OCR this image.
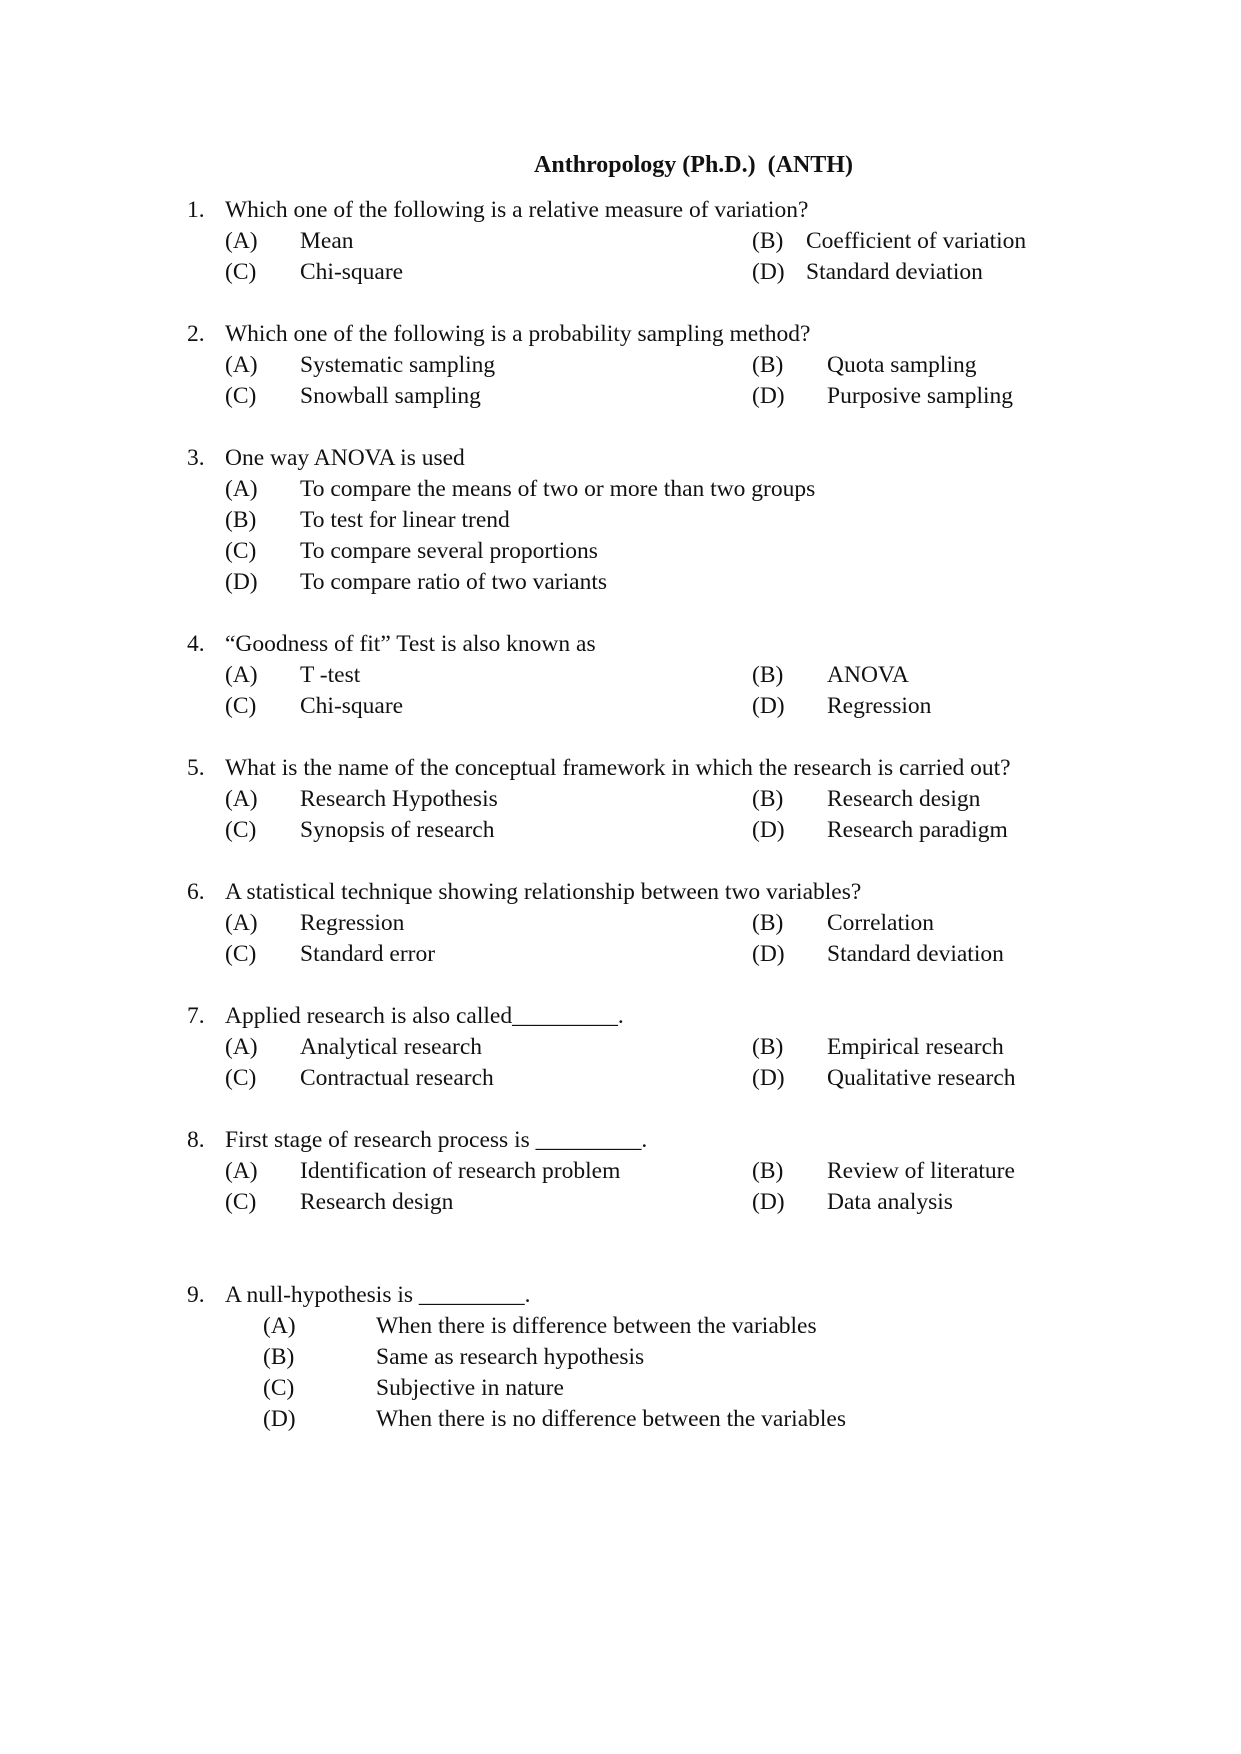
Anthropology (Ph.D.)  (ANTH)
1. Which one of the following is a relative measure of variation?
(A)	Mean	(B) Coefficient of variation
(C)	Chi-square	(D) Standard deviation
2. Which one of the following is a probability sampling method?
(A)	Systematic sampling	(B)	Quota sampling
(C)	Snowball sampling	(D)	Purposive sampling
3. One way ANOVA is used
(A)	To compare the means of two or more than two groups
(B)	To test for linear trend
(C)	To compare several proportions
(D)	To compare ratio of two variants
4. “Goodness of fit” Test is also known as
(A)	T -test	(B)	ANOVA
(C)	Chi-square	(D)	Regression
5. What is the name of the conceptual framework in which the research is carried out?
(A)	Research Hypothesis	(B)	Research design
(C)	Synopsis of research	(D)	Research paradigm
6. A statistical technique showing relationship between two variables?
(A)	Regression	(B)	Correlation
(C)	Standard error	(D)	Standard deviation
7. Applied research is also called_________.
(A)	Analytical research	(B)	Empirical research
(C)	Contractual research	(D)	Qualitative research
8. First stage of research process is _________.
(A)	Identification of research problem	(B)	Review of literature
(C)	Research design	(D)	Data analysis
9. A null-hypothesis is _________.
(A)	When there is difference between the variables
(B)	Same as research hypothesis
(C)	Subjective in nature
(D)	When there is no difference between the variables
